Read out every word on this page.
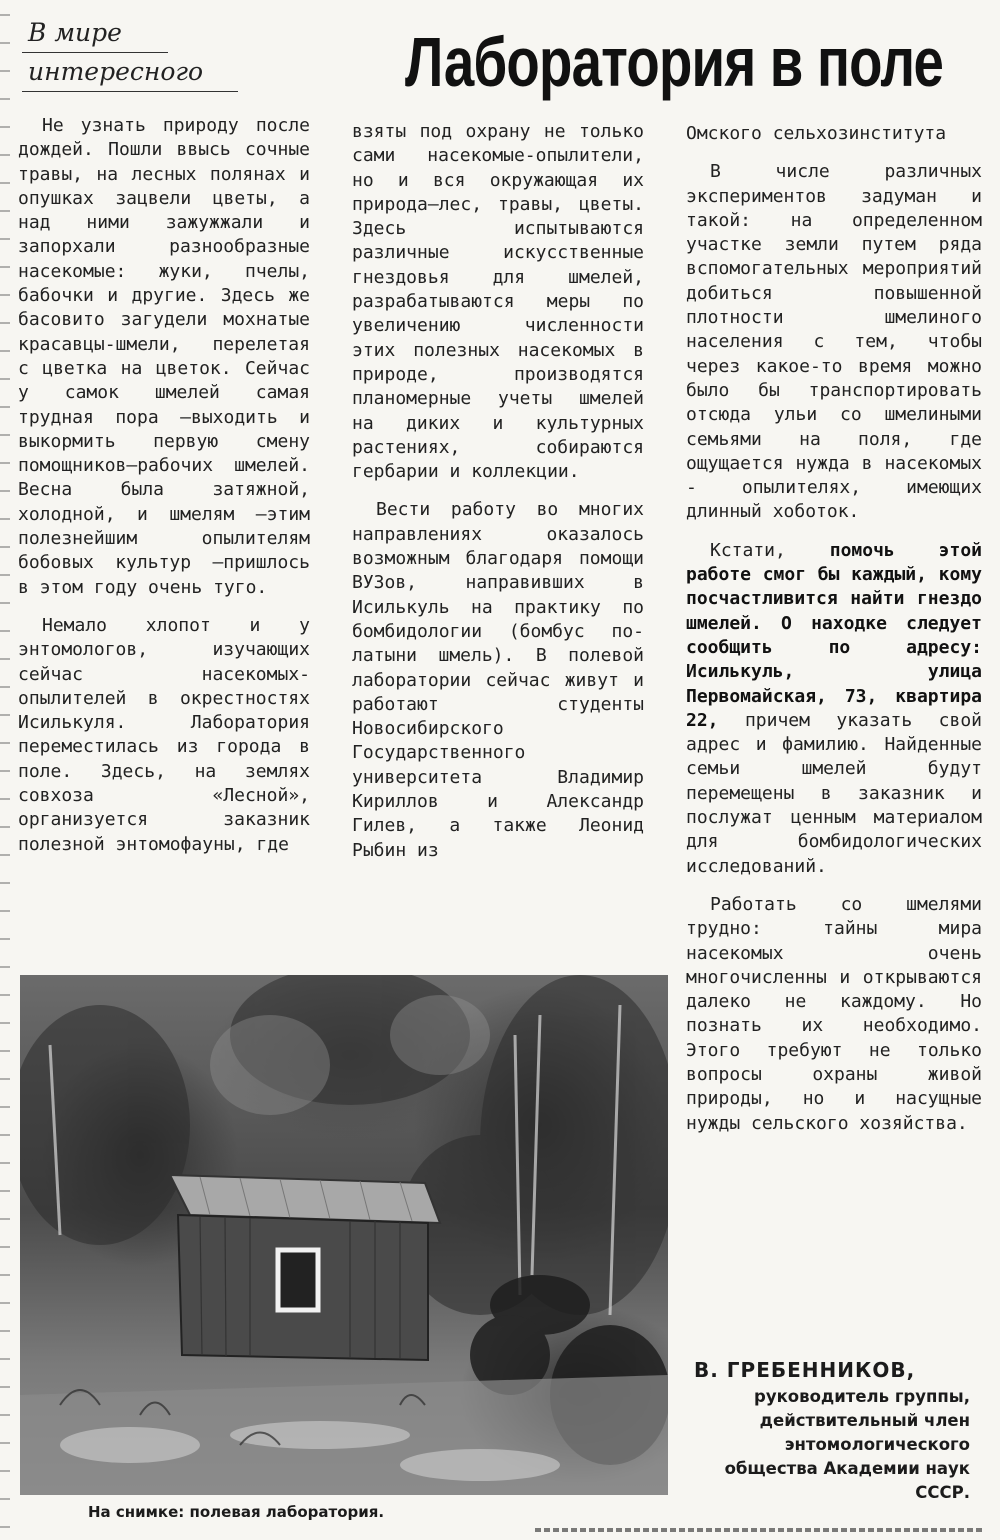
В мире
интересного	Лаборатория в поле

Не узнать природу после дождей. Пошли ввысь сочные травы, на лесных полянах и опушках зацвели цветы, а над ними зажужжали и запорхали разнообразные насекомые: жуки, пчелы, бабочки и другие. Здесь же басовито загудели мохнатые красавцы-шмели, перелетая с цветка на цветок. Сейчас у самок шмелей самая трудная пора —выходить и выкормить первую смену помощников—рабочих шмелей. Весна была затяжной, холодной, и шмелям —этим полезнейшим опылителям бобовых культур —пришлось в этом году очень туго.

Немало хлопот и у энтомологов, изучающих сейчас насекомых-опылителей в окрестностях Исилькуля. Лаборатория переместилась из города в поле. Здесь, на землях совхоза «Лесной», организуется заказник полезной энтомофауны, где

взяты под охрану не только сами насекомые-опылители, но и вся окружающая их природа—лес, травы, цветы. Здесь испытываются различные искусственные гнездовья для шмелей, разрабатываются меры по увеличению численности этих полезных насекомых в природе, производятся планомерные учеты шмелей на диких и культурных растениях, собираются гербарии и коллекции.

Вести работу во многих направлениях оказалось возможным благодаря помощи ВУЗов, направивших в Исилькуль на практику по бомбидологии (бомбус по-латыни шмель). В полевой лаборатории сейчас живут и работают студенты Новосибирского Государственного университета Владимир Кириллов и Александр Гилев, а также Леонид Рыбин из

Омского сельхозинститута

В числе различных экспериментов задуман и такой: на определенном участке земли путем ряда вспомогательных мероприятий добиться повышенной плотности шмелиного населения с тем, чтобы через какое-то время можно было бы транспортировать отсюда ульи со шмелиными семьями на поля, где ощущается нужда в насекомых - опылителях, имеющих длинный хоботок.

Кстати, помочь этой работе смог бы каждый, кому посчастливится найти гнездо шмелей. О находке следует сообщить по адресу: Исилькуль, улица Первомайская, 73, квартира 22, причем указать свой адрес и фамилию. Найденные семьи шмелей будут перемещены в заказник и послужат ценным материалом для бомбидологических исследований.

Работать со шмелями трудно: тайны мира насекомых очень многочисленны и открываются далеко не каждому. Но познать их необходимо. Этого требуют не только вопросы охраны живой природы, но и насущные нужды сельского хозяйства.

На снимке: полевая лаборатория.
В. ГРЕБЕННИКОВ,
руководитель группы,
действительный член
энтомологического
общества Академии наук
СССР.
